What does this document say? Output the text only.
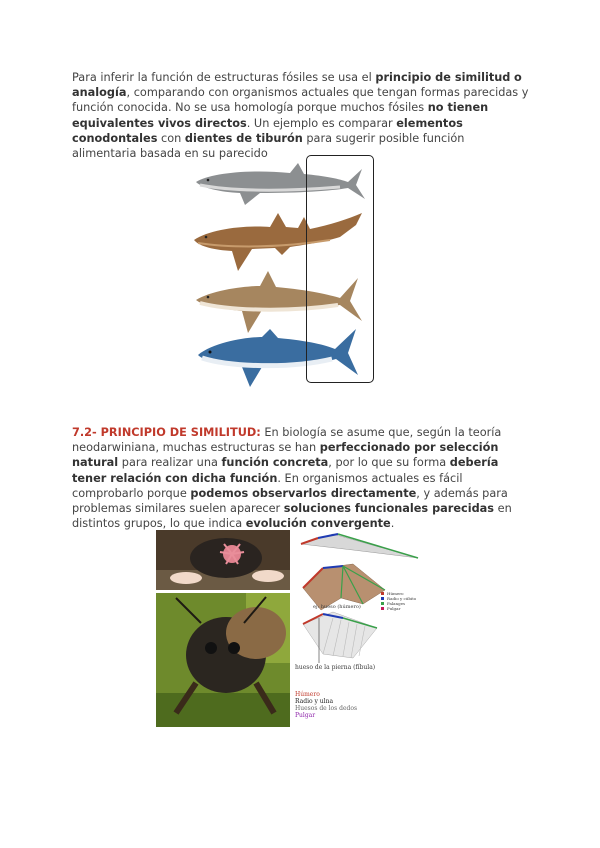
Para inferir la función de estructuras fósiles se usa el principio de similitud o analogía, comparando con organismos actuales que tengan formas parecidas y función conocida. No se usa homología porque muchos fósiles no tienen equivalentes vivos directos. Un ejemplo es comparar elementos conodontales con dientes de tiburón para sugerir posible función alimentaria basada en su parecido
7.2- PRINCIPIO DE SIMILITUD: En biología se asume que, según la teoría neodarwiniana, muchas estructuras se han perfeccionado por selección natural para realizar una función concreta, por lo que su forma debería tener relación con dicha función. En organismos actuales es fácil comprobarlo porque podemos observarlos directamente, y además para problemas similares suelen aparecer soluciones funcionales parecidas en distintos grupos, lo que indica evolución convergente.
ej: hueso (húmero)
Húmero
Radio y cúbito
Falanges
Pulgar
hueso de la pierna (fíbula)
Húmero
Radio y ulna
Huesos de los dedos
Pulgar
